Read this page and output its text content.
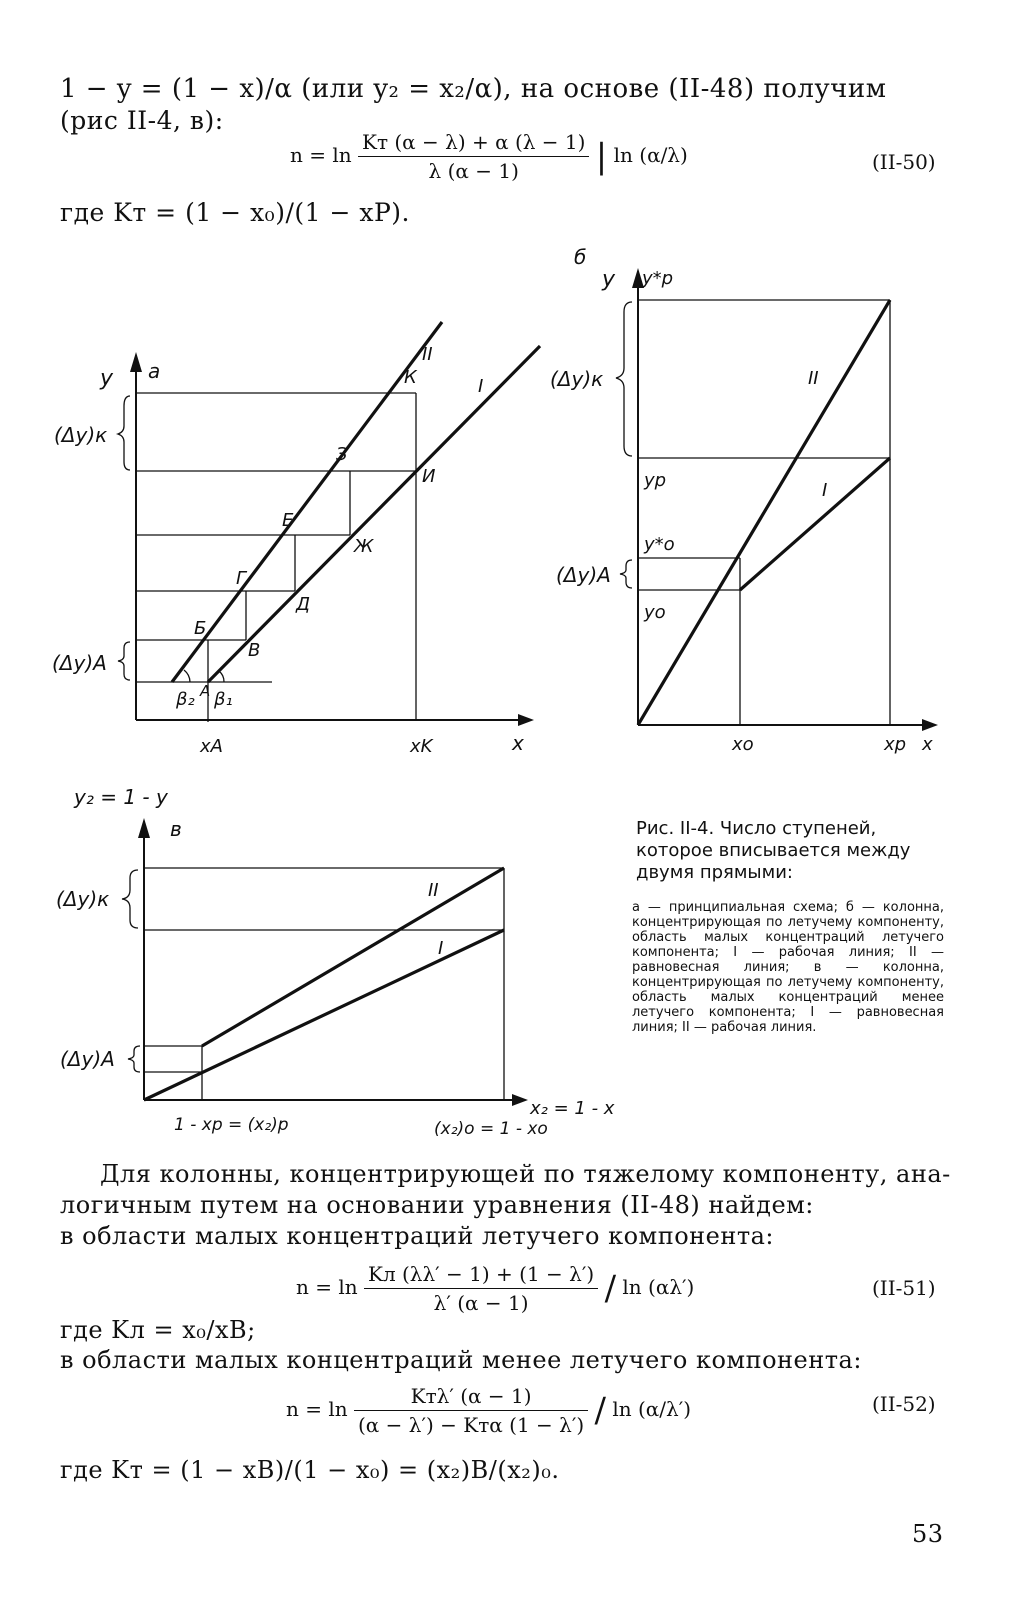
1 − y = (1 − x)/α (или y₂ = x₂/α), на основе (II-48) получим
(рис II-4, в):
$n = \ln \frac{Kт (\alpha - \lambda) + \alpha (\lambda - 1)}{\lambda (\alpha - 1)}$ | ln (α/λ)	(II-50)
где Kт = (1 − x₀)/(1 − xP).
y а
x
II
I
К
З
И
Е
Ж
Г
Д
Б
В
A
β₂ β₁
(Δy)к
(Δy)A
xA	xK
б
y
x
II
I
y*p
yp
y*o
yo
(Δy)к
(Δy)A
xo	xp
y₂ = 1 - y
в
x₂ = 1 - x
II
I
(Δy)к
(Δy)A
1 - xp = (x₂)p	(x₂)o = 1 - xo
Рис. II-4. Число ступеней, которое вписывается между двумя прямыми:
а — принципиальная схема; б — колонна, концентрирующая по летучему компоненту, область малых концентраций летучего компонента; I — рабочая линия; II — равновесная линия; в — колонна, концентрирующая по летучему компоненту, область малых концентраций менее летучего компонента; I — равновесная линия; II — рабочая линия.
Для колонны, концентрирующей по тяжелому компоненту, ана-
логичным путем на основании уравнения (II-48) найдем:
в области малых концентраций летучего компонента:
$n = \ln \frac{Kл (\lambda\lambda' - 1) + (1 - \lambda')}{\lambda' (\alpha - 1)} / \ln (\alpha\lambda')$	(II-51)
где Kл = x₀/xB;
в области малых концентраций менее летучего компонента:
$n = \ln \frac{\text{Kтλ′ (α − 1)}}{\text{(α − λ′) − Kтα (1 − λ′)}} / \ln (\alpha/\lambda')$	(II-52)
где Kт = (1 − xB)/(1 − x₀) = (x₂)B/(x₂)₀.
53
